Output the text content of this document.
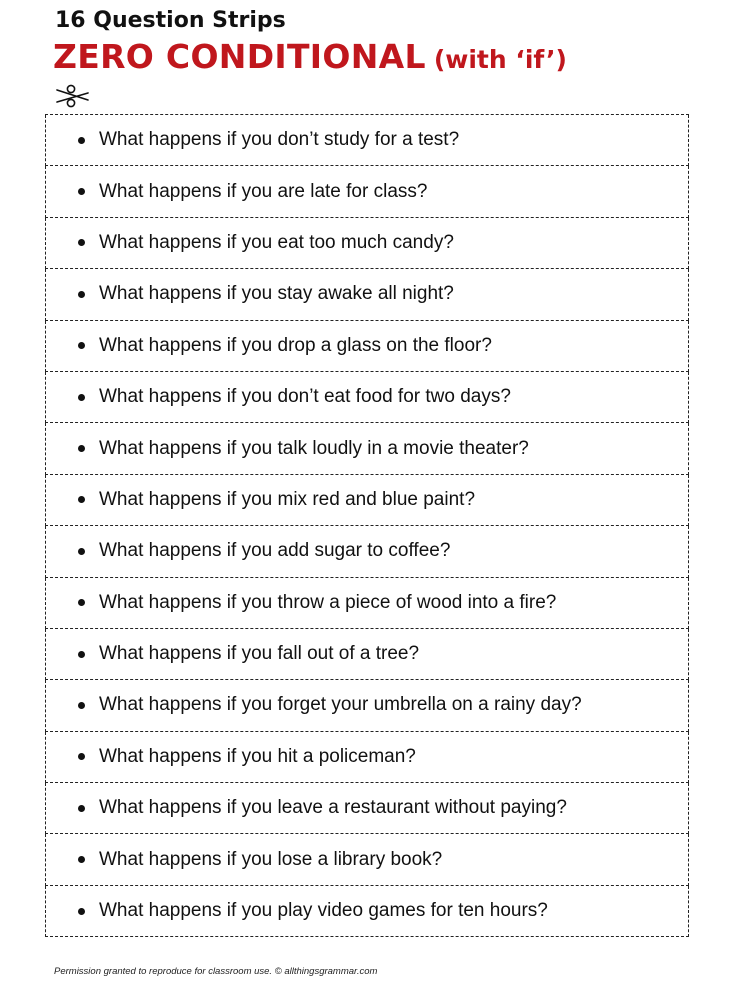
16 Question Strips
ZERO CONDITIONAL (with ‘if’)
What happens if you don’t study for a test?
What happens if you are late for class?
What happens if you eat too much candy?
What happens if you stay awake all night?
What happens if you drop a glass on the floor?
What happens if you don’t eat food for two days?
What happens if you talk loudly in a movie theater?
What happens if you mix red and blue paint?
What happens if you add sugar to coffee?
What happens if you throw a piece of wood into a fire?
What happens if you fall out of a tree?
What happens if you forget your umbrella on a rainy day?
What happens if you hit a policeman?
What happens if you leave a restaurant without paying?
What happens if you lose a library book?
What happens if you play video games for ten hours?
Permission granted to reproduce for classroom use. © allthingsgrammar.com
